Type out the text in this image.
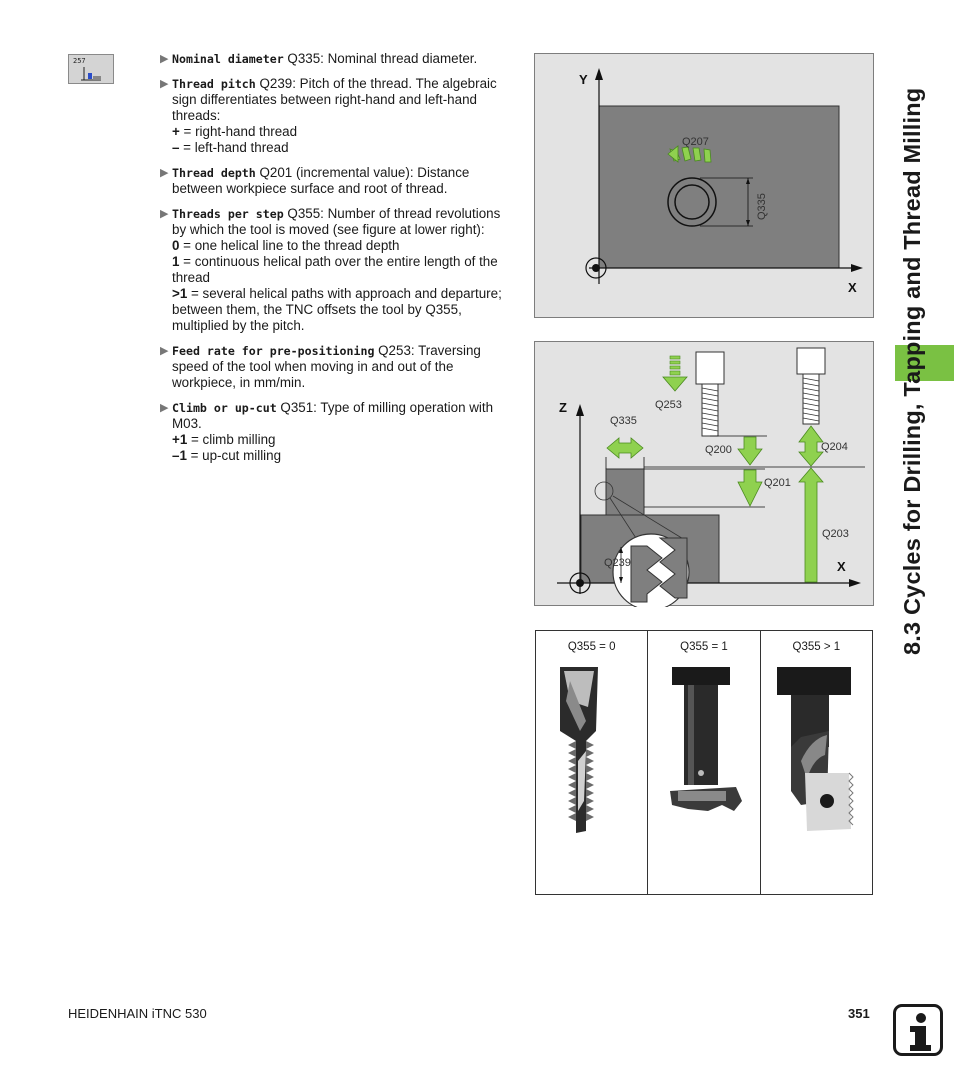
257	▶ Nominal diameter Q335: Nominal thread diameter.
▶ Thread pitch Q239: Pitch of the thread. The algebraic sign differentiates between right-hand and left-hand threads:
+ = right-hand thread
– = left-hand thread
▶ Thread depth Q201 (incremental value): Distance between workpiece surface and root of thread.
▶ Threads per step Q355: Number of thread revolutions by which the tool is moved (see figure at lower right):
0 = one helical line to the thread depth
1 = continuous helical path over the entire length of the thread
>1 = several helical paths with approach and departure; between them, the TNC offsets the tool by Q355, multiplied by the pitch.
▶ Feed rate for pre-positioning Q253: Traversing speed of the tool when moving in and out of the workpiece, in mm/min.
▶ Climb or up-cut Q351: Type of milling operation with M03.
+1 = climb milling
–1 = up-cut milling
Y
X
Q207
Q335
Z
X
Q335
Q253
Q200	Q204
Q201
Q203
Q239
Q355 = 0	Q355 = 1	Q355 > 1	8.3 Cycles for Drilling, Tapping and Thread Milling
HEIDENHAIN iTNC 530	351
